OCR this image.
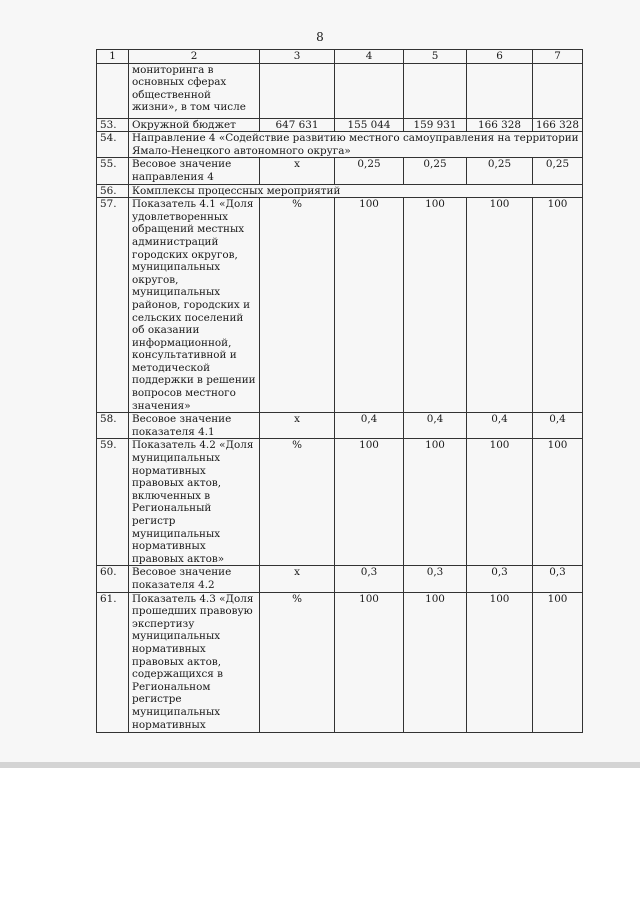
8
1	2	3	4	5	6	7
	мониторинга в основных сферах общественной жизни», в том числе					
53.	Окружной бюджет	647 631	155 044	159 931	166 328	166 328
54.	Направление 4 «Содействие развитию местного самоуправления на территории Ямало-Ненецкого автономного округа»					
55.	Весовое значение направления 4	x	0,25	0,25	0,25	0,25
56.	Комплексы процессных мероприятий					
57.	Показатель 4.1 «Доля удовлетворенных обращений местных администраций городских округов, муниципальных округов, муниципальных районов, городских и сельских поселений об оказании информационной, консультативной и методической поддержки в решении вопросов местного значения»	%	100	100	100	100
58.	Весовое значение показателя 4.1	x	0,4	0,4	0,4	0,4
59.	Показатель 4.2 «Доля муниципальных нормативных правовых актов, включенных в Региональный регистр муниципальных нормативных правовых актов»	%	100	100	100	100
60.	Весовое значение показателя 4.2	x	0,3	0,3	0,3	0,3
61.	Показатель 4.3 «Доля прошедших правовую экспертизу муниципальных нормативных правовых актов, содержащихся в Региональном регистре муниципальных нормативных	%	100	100	100	100
